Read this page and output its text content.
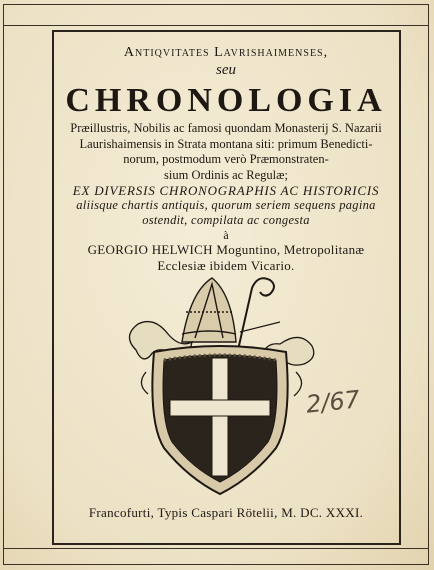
Antiqvitates Lavrishaimenses,
seu
CHRONOLOGIA
Præillustris, Nobilis ac famosi quondam Monasterij S. Nazarii
Laurishaimensis in Strata montana siti: primum Benedicti-
norum, postmodum verò Præmonstraten-
sium Ordinis ac Regulæ;
EX DIVERSIS CHRONOGRAPHIS AC HISTORICIS
aliisque chartis antiquis, quorum seriem sequens pagina
ostendit, compilata ac congesta
à
GEORGIO HELWICH Moguntino, Metropolitanæ
Ecclesiæ ibidem Vicario.
2/67
Francofurti, Typis Caspari Rötelii, M. DC. XXXI.
